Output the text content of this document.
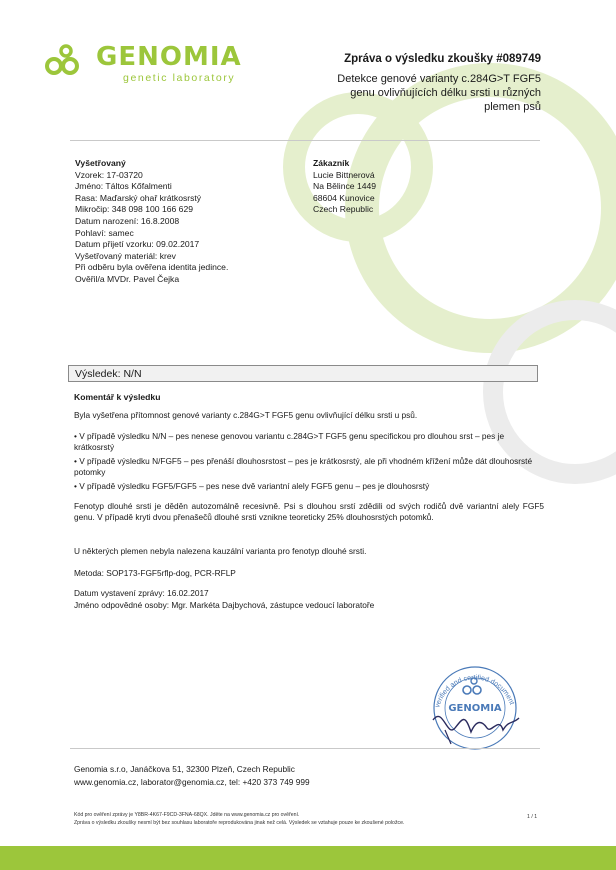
GENOMIA
genetic laboratory
Zpráva o výsledku zkoušky #089749
Detekce genové varianty c.284G>T FGF5
genu ovlivňujících délku srsti u různých
plemen psů
Vyšetřovaný
Vzorek: 17-03720
Jméno: Táltos Kőfalmenti
Rasa: Maďarský ohař krátkosrstý
Mikročip: 348 098 100 166 629
Datum narození: 16.8.2008
Pohlaví: samec
Datum přijetí vzorku: 09.02.2017
Vyšetřovaný materiál: krev
Při odběru byla ověřena identita jedince.
Ověřil/a MVDr. Pavel Čejka
Zákazník
Lucie Bittnerová
Na Bělince 1449
68604 Kunovice
Czech Republic
Výsledek: N/N
Komentář k výsledku
Byla vyšetřena přítomnost genové varianty c.284G>T FGF5 genu ovlivňující délku srsti u psů.
• V případě výsledku N/N – pes nenese genovou variantu c.284G>T FGF5 genu specifickou pro dlouhou srst – pes je krátkosrstý
• V případě výsledku N/FGF5 – pes přenáší dlouhosrstost – pes je krátkosrstý, ale při vhodném křížení může dát dlouhosrsté potomky
• V případě výsledku FGF5/FGF5 – pes nese dvě variantní alely FGF5 genu – pes je dlouhosrstý
Fenotyp dlouhé srsti je děděn autozomálně recesivně. Psi s dlouhou srstí zdědili od svých rodičů dvě variantní alely FGF5 genu. V případě kryti dvou přenašečů dlouhé srsti vznikne teoreticky 25% dlouhosrstých potomků.
U některých plemen nebyla nalezena kauzální varianta pro fenotyp dlouhé srsti.
Metoda: SOP173-FGF5rflp-dog, PCR-RFLP
Datum vystavení zprávy: 16.02.2017
Jméno odpovědné osoby: Mgr. Markéta Dajbychová, zástupce vedoucí laboratoře
verified and certified document
GENOMIA
Genomia s.r.o, Janáčkova 51, 32300 Plzeň, Czech Republic
www.genomia.cz, laborator@genomia.cz, tel: +420 373 749 999
Kód pro ověření zprávy je Y8BR-4K67-F9CD-3FNA-68QX. Jděte na www.genomia.cz pro ověření.
Zpráva o výsledku zkoušky nesmí být bez souhlasu laboratoře reprodukována jinak než celá. Výsledek se vztahuje pouze ke zkoušené položce.
1 / 1
